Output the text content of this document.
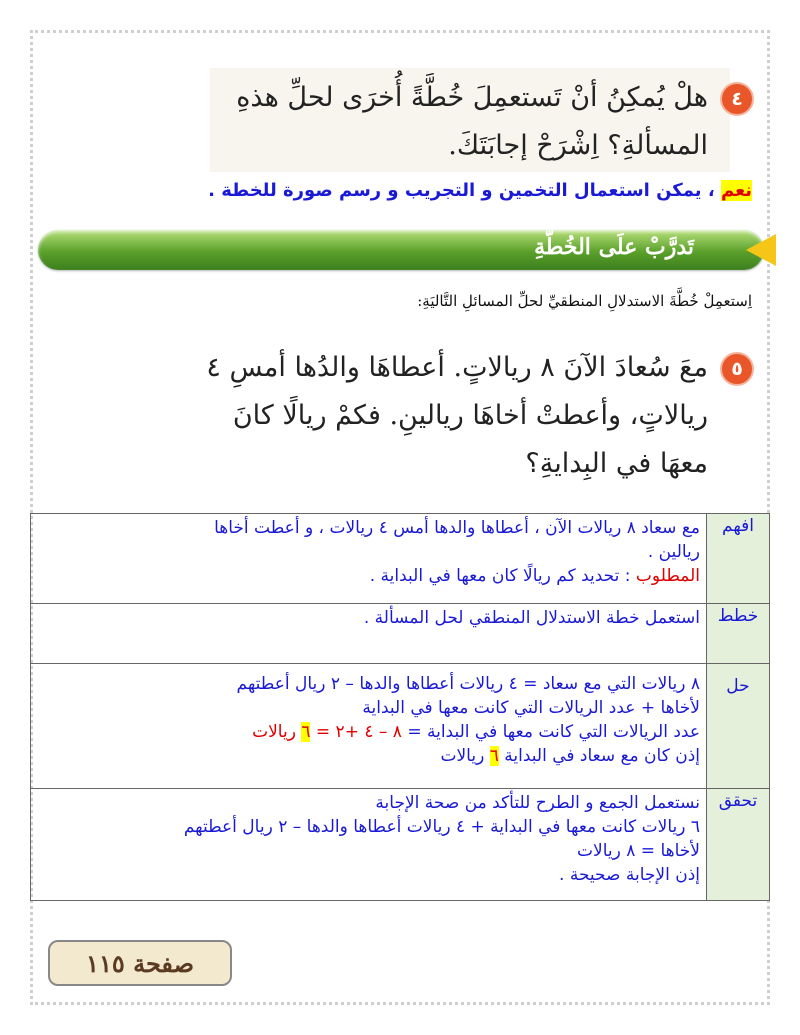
٤
هلْ يُمكِنُ أنْ تَستعمِلَ خُطَّةً أُخرَى لحلِّ هذهِ
المسألةِ؟ اِشْرَحْ إجابَتَكَ.
نعم ، يمكن استعمال التخمين و التجريب و رسم صورة للخطة .
تَدرَّبْ علَى الخُطَّةِ
اِستعمِلْ خُطَّةَ الاستدلالِ المنطقيِّ لحلِّ المسائلِ التَّاليَةِ:
٥
معَ سُعادَ الآنَ ٨ ريالاتٍ. أعطاهَا والدُها أمسِ ٤
ريالاتٍ، وأعطتْ أخاهَا ريالينِ. فكمْ ريالًا كانَ
معهَا في البِدايةِ؟
افهم	مع سعاد ٨ ريالات الآن ، أعطاها والدها أمس ٤ ريالات ، و أعطت أخاها
ريالين .
المطلوب : تحديد كم ريالًا كان معها في البداية .

خطط	استعمل خطة الاستدلال المنطقي لحل المسألة .

حل	٨ ريالات التي مع سعاد = ٤ ريالات أعطاها والدها – ٢ ريال أعطتهم
لأخاها + عدد الريالات التي كانت معها في البداية
عدد الريالات التي كانت معها في البداية = ٨ – ٤ +٢ = ٦ ريالات
إذن كان مع سعاد في البداية ٦ ريالات

تحقق	نستعمل الجمع و الطرح للتأكد من صحة الإجابة
٦ ريالات كانت معها في البداية + ٤ ريالات أعطاها والدها – ٢ ريال أعطتهم
لأخاها = ٨ ريالات
إذن الإجابة صحيحة .
صفحة ١١٥
